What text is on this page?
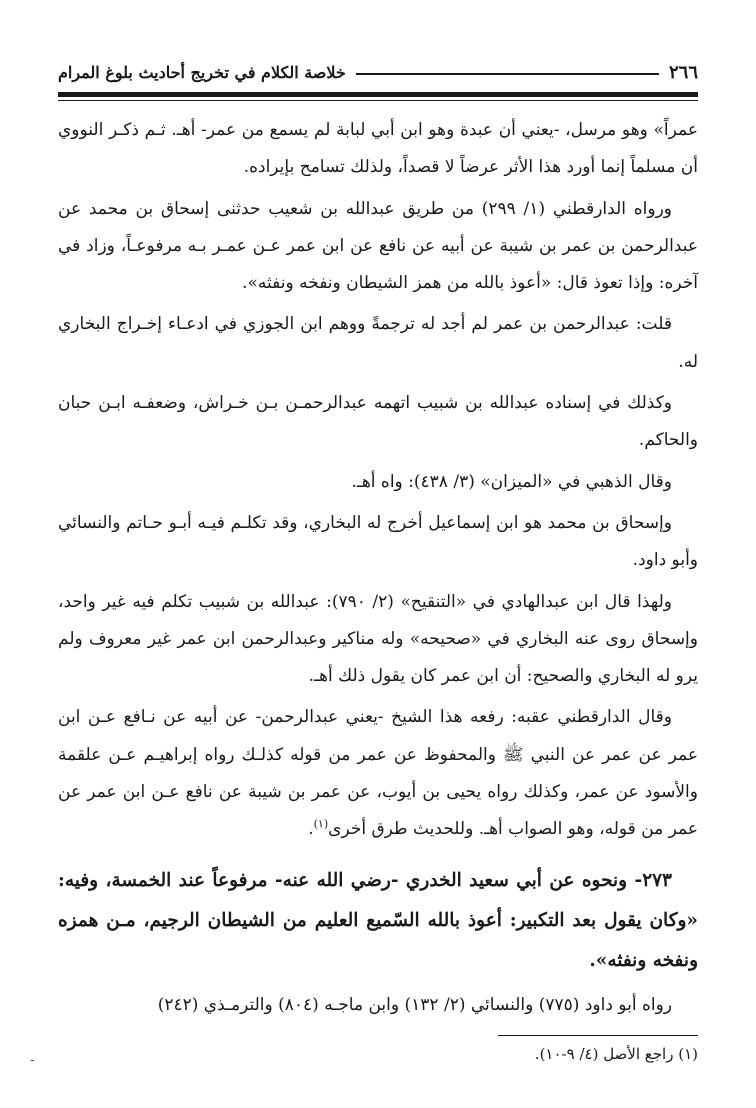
٢٦٦
خلاصة الكلام في تخريج أحاديث بلوغ المرام

عمراً» وهو مرسل، -يعني أن عبدة وهو ابن أبي لبابة لم يسمع من عمر- أهـ. ثـم ذكـر النووي أن مسلماً إنما أورد هذا الأثر عرضاً لا قصداً، ولذلك تسامح بإيراده.

ورواه الدارقطني (١/ ٢٩٩) من طريق عبدالله بن شعيب حدثنى إسحاق بن محمد عن عبدالرحمن بن عمر بن شيبة عن أبيه عن نافع عن ابن عمر عـن عمـر بـه مرفوعـاً، وزاد في آخره: وإذا تعوذ قال: «أعوذ بالله من همز الشيطان ونفخه ونفثه».

قلت: عبدالرحمن بن عمر لم أجد له ترجمةً ووهم ابن الجوزي في ادعـاء إخـراج البخاري له.

وكذلك في إسناده عبدالله بن شبيب اتهمه عبدالرحمـن بـن خـراش، وضعفـه ابـن حبان والحاكم.

وقال الذهبي في «الميزان» (٣/ ٤٣٨): واه أهـ.

وإسحاق بن محمد هو ابن إسماعيل أخرج له البخاري، وقد تكلـم فيـه أبـو حـاتم والنسائي وأبو داود.

ولهذا قال ابن عبدالهادي في «التنقيح» (٢/ ٧٩٠): عبدالله بن شبيب تكلم فيه غير واحد، وإسحاق روى عنه البخاري في «صحيحه» وله مناكير وعبدالرحمن ابن عمر غير معروف ولم يرو له البخاري والصحيح: أن ابن عمر كان يقول ذلك أهـ.

وقال الدارقطني عقبه: رفعه هذا الشيخ -يعني عبدالرحمن- عن أبيه عن نـافع عـن ابن عمر عن عمر عن النبي ﷺ والمحفوظ عن عمر من قوله كذلـك رواه إبراهيـم عـن علقمة والأسود عن عمر، وكذلك رواه يحيى بن أيوب، عن عمر بن شيبة عن نافع عـن ابن عمر عن عمر من قوله، وهو الصواب أهـ. وللحديث طرق أخرى$^{(١)}$.

٢٧٣- ونحوه عن أبي سعيد الخدري -رضي الله عنه- مرفوعاً عند الخمسة، وفيه: «وكان يقول بعد التكبير: أعوذ بالله السّميع العليم من الشيطان الرجيم، مـن همزه ونفخه ونفثه».

رواه أبو داود (٧٧٥) والنسائي (٢/ ١٣٢) وابن ماجـه (٨٠٤) والترمـذي (٢٤٢)

(١) راجع الأصل (٤/ ٩-١٠).
-
